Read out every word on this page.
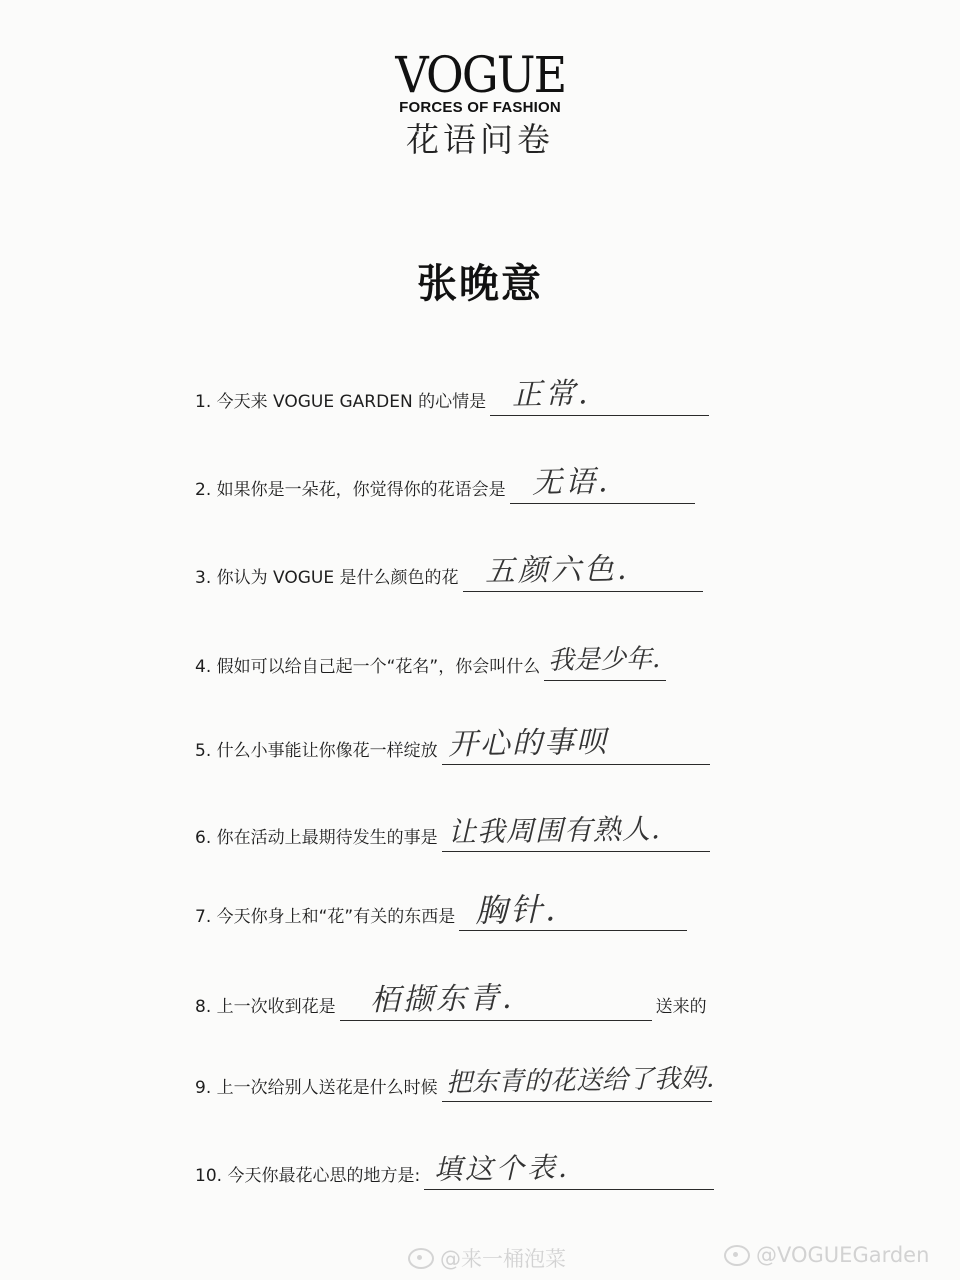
VOGUE
FORCES OF FASHION
花语问卷
张晚意
1. 今天来 VOGUE GARDEN 的心情是 正常.
2. 如果你是一朵花，你觉得你的花语会是 无语.
3. 你认为 VOGUE 是什么颜色的花 五颜六色.
4. 假如可以给自己起一个“花名”，你会叫什么 我是少年.
5. 什么小事能让你像花一样绽放 开心的事呗
6. 你在活动上最期待发生的事是 让我周围有熟人.
7. 今天你身上和“花”有关的东西是 胸针.
8. 上一次收到花是 栢撷东青.	送来的
9. 上一次给别人送花是什么时候 把东青的花送给了我妈.
10. 今天你最花心思的地方是: 填这个表.
@来一桶泡菜	@VOGUEGarden
